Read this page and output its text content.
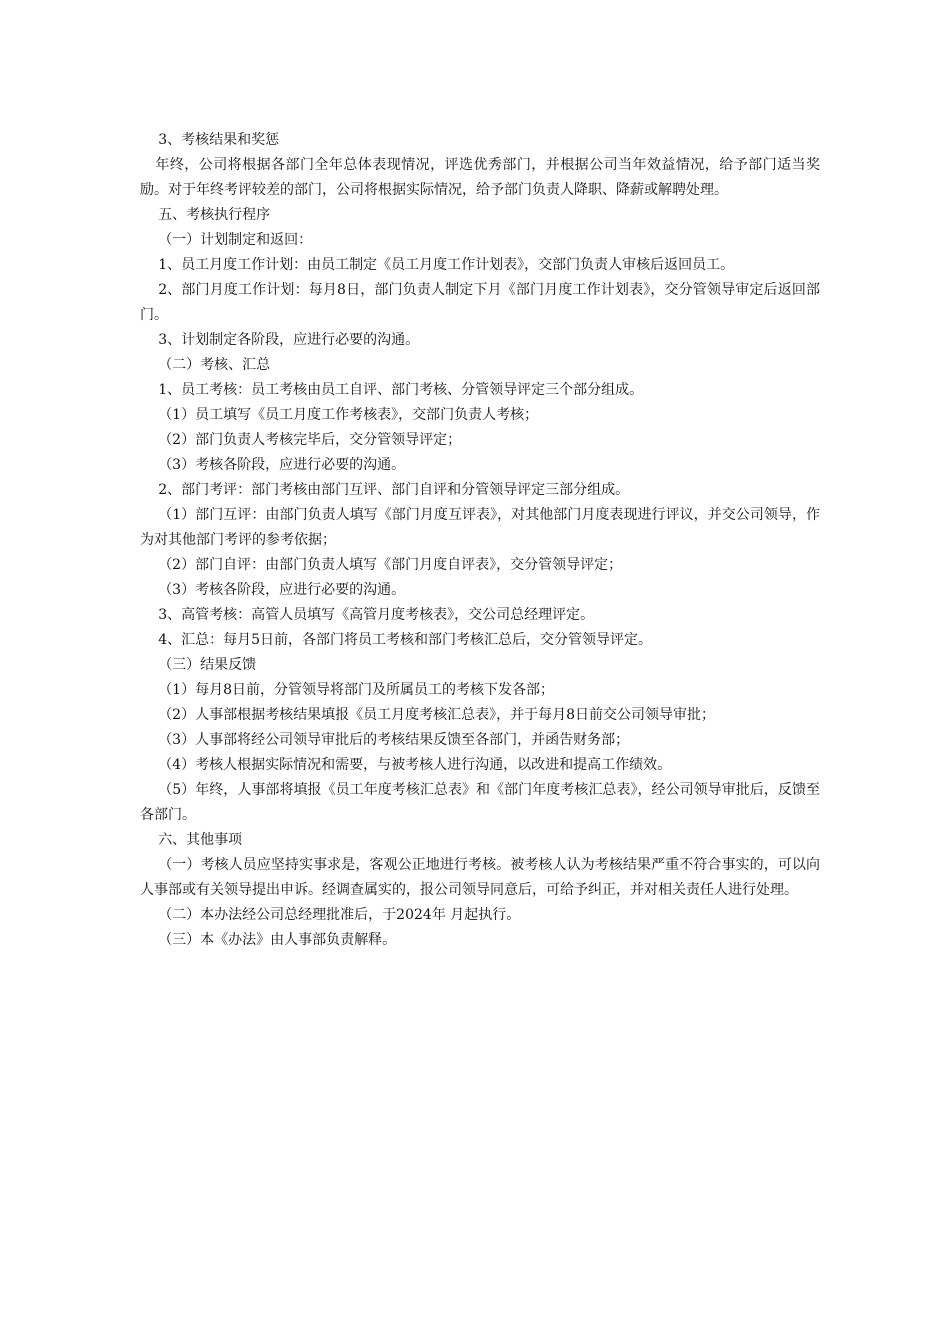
3、考核结果和奖惩

年终，公司将根据各部门全年总体表现情况，评选优秀部门，并根据公司当年效益情况，给予部门适当奖励。对于年终考评较差的部门，公司将根据实际情况，给予部门负责人降职、降薪或解聘处理。

五、考核执行程序

（一）计划制定和返回：

1、员工月度工作计划：由员工制定《员工月度工作计划表》，交部门负责人审核后返回员工。

2、部门月度工作计划：每月8日，部门负责人制定下月《部门月度工作计划表》，交分管领导审定后返回部门。

3、计划制定各阶段，应进行必要的沟通。

（二）考核、汇总

1、员工考核：员工考核由员工自评、部门考核、分管领导评定三个部分组成。

（1）员工填写《员工月度工作考核表》，交部门负责人考核；

（2）部门负责人考核完毕后，交分管领导评定；

（3）考核各阶段，应进行必要的沟通。

2、部门考评：部门考核由部门互评、部门自评和分管领导评定三部分组成。

（1）部门互评：由部门负责人填写《部门月度互评表》，对其他部门月度表现进行评议，并交公司领导，作为对其他部门考评的参考依据；

（2）部门自评：由部门负责人填写《部门月度自评表》，交分管领导评定；

（3）考核各阶段，应进行必要的沟通。

3、高管考核：高管人员填写《高管月度考核表》，交公司总经理评定。

4、汇总：每月5日前，各部门将员工考核和部门考核汇总后，交分管领导评定。

（三）结果反馈

（1）每月8日前，分管领导将部门及所属员工的考核下发各部；

（2）人事部根据考核结果填报《员工月度考核汇总表》，并于每月8日前交公司领导审批；

（3）人事部将经公司领导审批后的考核结果反馈至各部门，并函告财务部；

（4）考核人根据实际情况和需要，与被考核人进行沟通，以改进和提高工作绩效。

（5）年终，人事部将填报《员工年度考核汇总表》和《部门年度考核汇总表》，经公司领导审批后，反馈至各部门。

六、其他事项

（一）考核人员应坚持实事求是，客观公正地进行考核。被考核人认为考核结果严重不符合事实的，可以向人事部或有关领导提出申诉。经调查属实的，报公司领导同意后，可给予纠正，并对相关责任人进行处理。

（二）本办法经公司总经理批准后，于2024年 月起执行。

（三）本《办法》由人事部负责解释。
